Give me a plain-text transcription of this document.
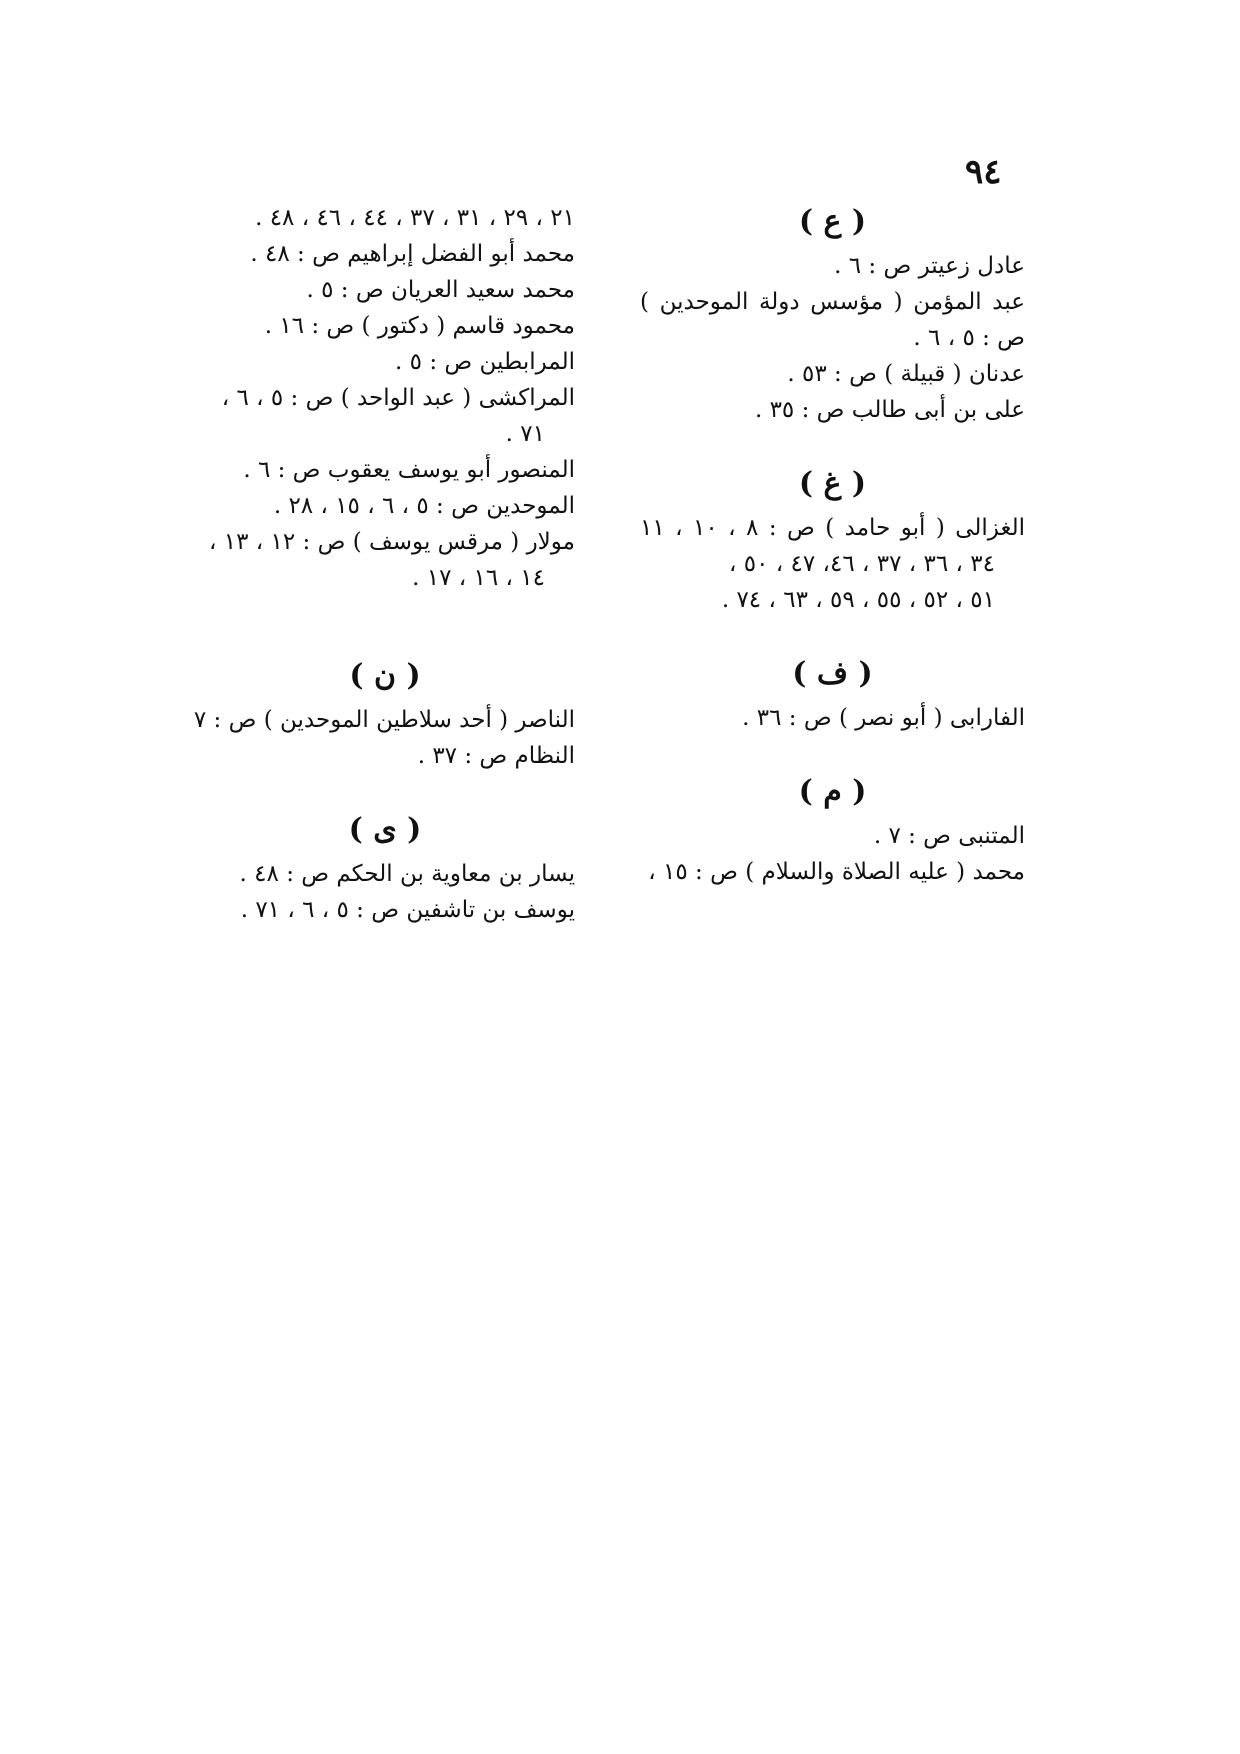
٩٤
( ع )
عادل زعيتر ص : ٦ .
عبد المؤمن ( مؤسس دولة الموحدين )
ص : ٥ ، ٦ .
عدنان ( قبيلة ) ص : ٥٣ .
على بن أبى طالب ص : ٣٥ .
( غ )
الغزالى ( أبو حامد ) ص : ٨ ، ١٠ ، ١١
٣٤ ، ٣٦ ، ٣٧ ، ٤٦، ٤٧ ، ٥٠ ،
٥١ ، ٥٢ ، ٥٥ ، ٥٩ ، ٦٣ ، ٧٤ .
( ف )
الفارابى ( أبو نصر ) ص : ٣٦ .
( م )
المتنبى ص : ٧ .
محمد ( عليه الصلاة والسلام ) ص : ١٥ ،
٢١ ، ٢٩ ، ٣١ ، ٣٧ ، ٤٤ ، ٤٦ ، ٤٨ .
محمد أبو الفضل إبراهيم ص : ٤٨ .
محمد سعيد العريان ص : ٥ .
محمود قاسم ( دكتور ) ص : ١٦ .
المرابطين ص : ٥ .
المراكشى ( عبد الواحد ) ص : ٥ ، ٦ ،
٧١ .
المنصور أبو يوسف يعقوب ص : ٦ .
الموحدين ص : ٥ ، ٦ ، ١٥ ، ٢٨ .
مولار ( مرقس يوسف ) ص : ١٢ ، ١٣ ،
١٤ ، ١٦ ، ١٧ .
( ن )
الناصر ( أحد سلاطين الموحدين ) ص : ٧
النظام ص : ٣٧ .
( ى )
يسار بن معاوية بن الحكم ص : ٤٨ .
يوسف بن تاشفين ص : ٥ ، ٦ ، ٧١ .
